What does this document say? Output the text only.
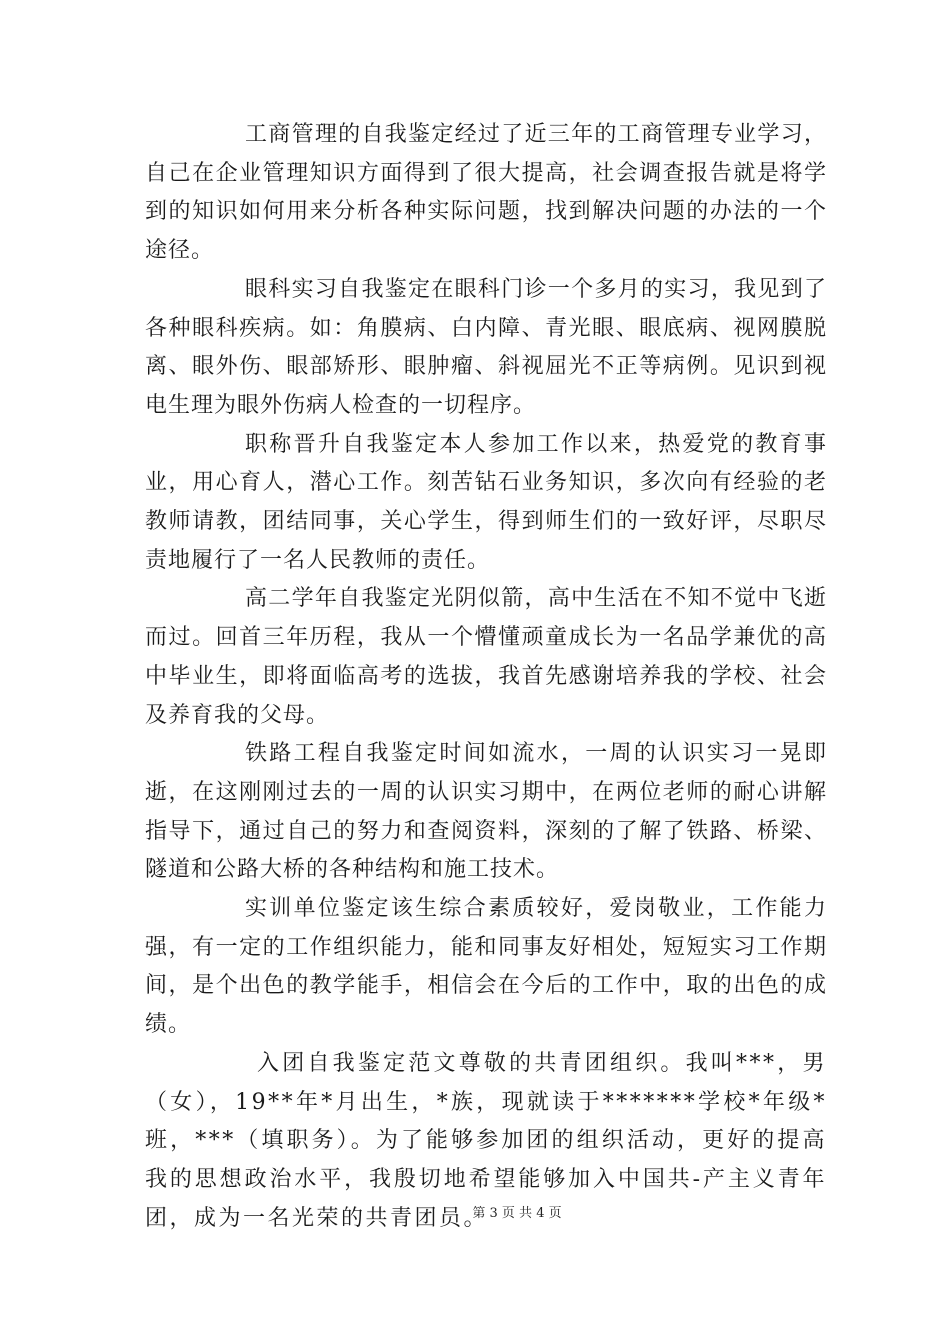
工商管理的自我鉴定经过了近三年的工商管理专业学习，自己在企业管理知识方面得到了很大提高，社会调查报告就是将学到的知识如何用来分析各种实际问题，找到解决问题的办法的一个途径。

眼科实习自我鉴定在眼科门诊一个多月的实习，我见到了各种眼科疾病。如：角膜病、白内障、青光眼、眼底病、视网膜脱离、眼外伤、眼部矫形、眼肿瘤、斜视屈光不正等病例。见识到视电生理为眼外伤病人检查的一切程序。

职称晋升自我鉴定本人参加工作以来，热爱党的教育事业，用心育人，潜心工作。刻苦钻石业务知识，多次向有经验的老教师请教，团结同事，关心学生，得到师生们的一致好评，尽职尽责地履行了一名人民教师的责任。

高二学年自我鉴定光阴似箭，高中生活在不知不觉中飞逝而过。回首三年历程，我从一个懵懂顽童成长为一名品学兼优的高中毕业生，即将面临高考的选拔，我首先感谢培养我的学校、社会及养育我的父母。

铁路工程自我鉴定时间如流水，一周的认识实习一晃即逝，在这刚刚过去的一周的认识实习期中，在两位老师的耐心讲解指导下，通过自己的努力和查阅资料，深刻的了解了铁路、桥梁、隧道和公路大桥的各种结构和施工技术。

实训单位鉴定该生综合素质较好，爱岗敬业，工作能力强，有一定的工作组织能力，能和同事友好相处，短短实习工作期间，是个出色的教学能手，相信会在今后的工作中，取的出色的成绩。

入团自我鉴定范文尊敬的共青团组织。我叫***，男（女），19**年*月出生，*族，现就读于*******学校*年级*班，***（填职务）。为了能够参加团的组织活动，更好的提高我的思想政治水平，我殷切地希望能够加入中国共-产主义青年团，成为一名光荣的共青团员。

第 3 页 共 4 页
